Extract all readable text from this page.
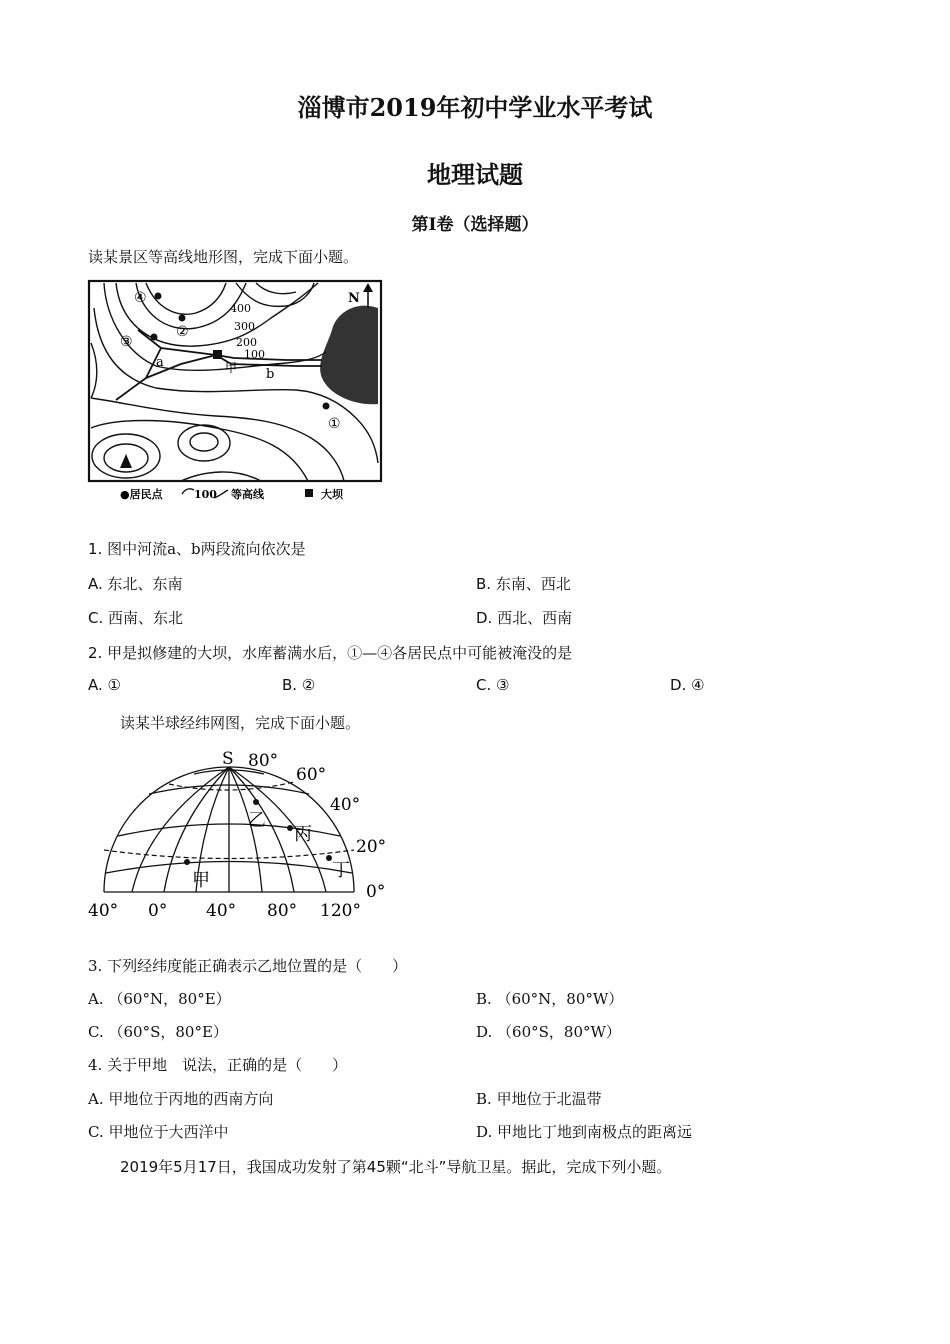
淄博市2019年初中学业水平考试
地理试题
第Ⅰ卷（选择题）
读某景区等高线地形图，完成下面小题。
N
400
300
200
100
④
②
③
①
a
b
甲
●居民点	100 等高线	大坝
1. 图中河流a、b两段流向依次是
A. 东北、东南	B. 东南、西北
C. 西南、东北	D. 西北、西南
2. 甲是拟修建的大坝，水库蓄满水后，①—④各居民点中可能被淹没的是
A. ①	B. ②	C. ③	D. ④
读某半球经纬网图，完成下面小题。
S 80°
60°
40°
20°
0°
40° 0° 40° 80° 120°
甲
乙
丙
丁
3. 下列经纬度能正确表示乙地位置的是（　　）
A. （60°N，80°E）	B. （60°N，80°W）
C. （60°S，80°E）	D. （60°S，80°W）
4. 关于甲地　说法，正确的是（　　）
A. 甲地位于丙地的西南方向	B. 甲地位于北温带
C. 甲地位于大西洋中	D. 甲地比丁地到南极点的距离远
2019年5月17日，我国成功发射了第45颗“北斗”导航卫星。据此，完成下列小题。
